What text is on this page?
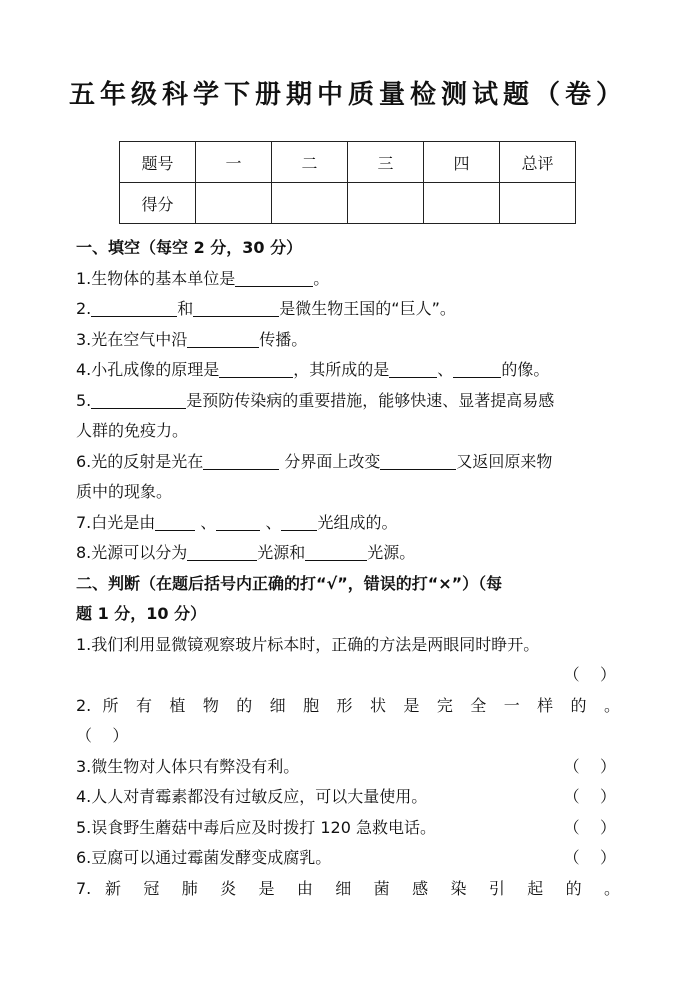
五年级科学下册期中质量检测试题（卷）
题号	一	二	三	四	总评
得分					
一、填空（每空 2 分，30 分）
1.生物体的基本单位是	。
2.	和	是微生物王国的“巨人”。
3.光在空气中沿	传播。
4.小孔成像的原理是	，其所成的是	、	的像。
5.	是预防传染病的重要措施，能够快速、显著提高易感
人群的免疫力。
6.光的反射是光在	分界面上改变	又返回原来物
质中的现象。
7.白光是由	、	、 光组成的。
8.光源可以分为	光源和	光源。
二、判断（在题后括号内正确的打“√”，错误的打“×”）（每
题 1 分，10 分）
1.我们利用显微镜观察玻片标本时，正确的方法是两眼同时睁开。
（    ）
2. 所 有 植 物 的 细 胞 形 状 是 完 全 一 样 的 。
（    ）
3.微生物对人体只有弊没有利。	（    ）
4.人人对青霉素都没有过敏反应，可以大量使用。	（    ）
5.误食野生蘑菇中毒后应及时拨打 120 急救电话。	（    ）
6.豆腐可以通过霉菌发酵变成腐乳。	（    ）
7. 新 冠 肺 炎 是 由 细 菌 感 染 引 起 的 。
